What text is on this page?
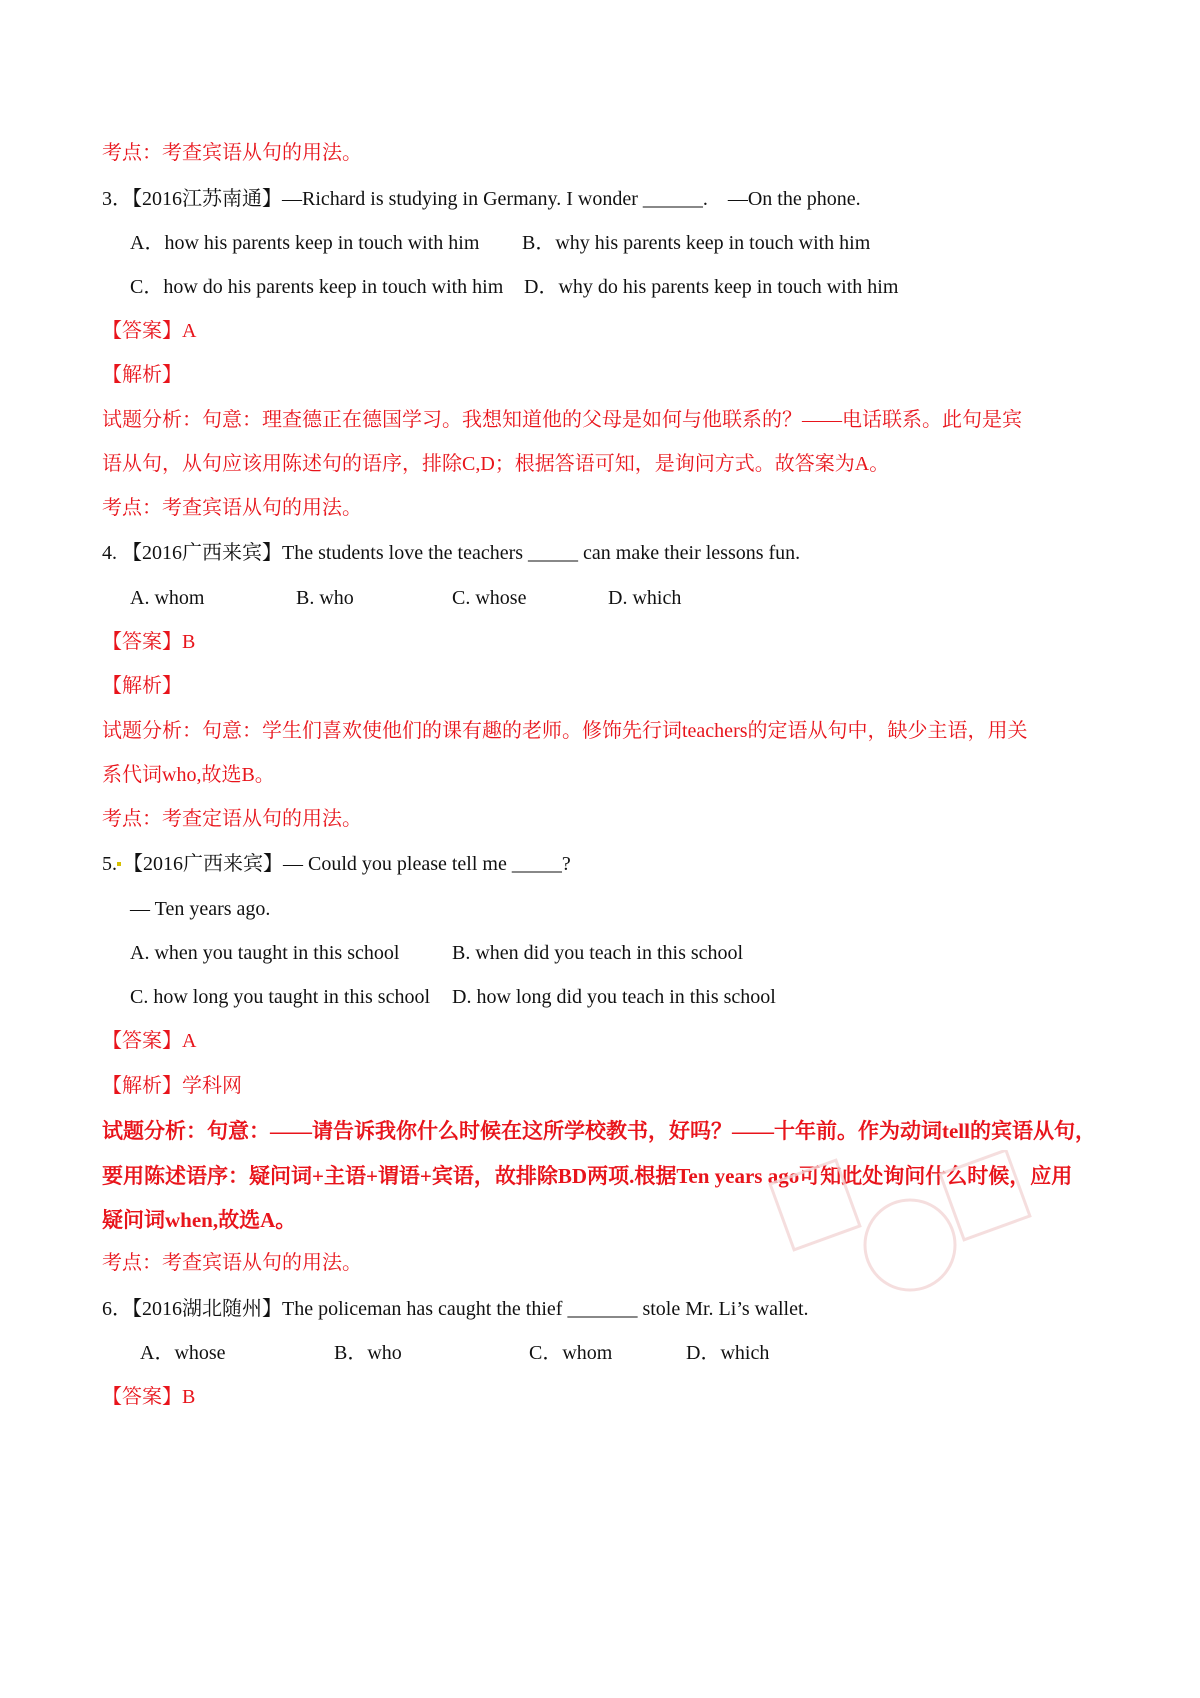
考点：考查宾语从句的用法。
3．【2016江苏南通】—Richard is studying in Germany. I wonder ______.　—On the phone.
A．how his parents keep in touch with him B．why his parents keep in touch with him
C．how do his parents keep in touch with him D．why do his parents keep in touch with him
【答案】A
【解析】
试题分析：句意：理查德正在德国学习。我想知道他的父母是如何与他联系的？——电话联系。此句是宾
语从句，从句应该用陈述句的语序，排除C,D；根据答语可知，是询问方式。故答案为A。
考点：考查宾语从句的用法。
4. 【2016广西来宾】The students love the teachers _____ can make their lessons fun.
A. whom	B. who	C. whose	D. which
【答案】B
【解析】
试题分析：句意：学生们喜欢使他们的课有趣的老师。修饰先行词teachers的定语从句中，缺少主语，用关
系代词who,故选B。
考点：考查定语从句的用法。
5. 【2016广西来宾】— Could you please tell me _____?
— Ten years ago.
A. when you taught in this school	B. when did you teach in this school
C. how long you taught in this school D. how long did you teach in this school
【答案】A
【解析】学科网
试题分析：句意：——请告诉我你什么时候在这所学校教书，好吗？——十年前。作为动词tell的宾语从句，
要用陈述语序：疑问词+主语+谓语+宾语，故排除BD两项.根据Ten years ago可知此处询问什么时候，应用
疑问词when,故选A。
考点：考查宾语从句的用法。
6．【2016湖北随州】The policeman has caught the thief _______ stole Mr. Li’s wallet.
A．whose	B．who	C．whom	D．which
【答案】B
